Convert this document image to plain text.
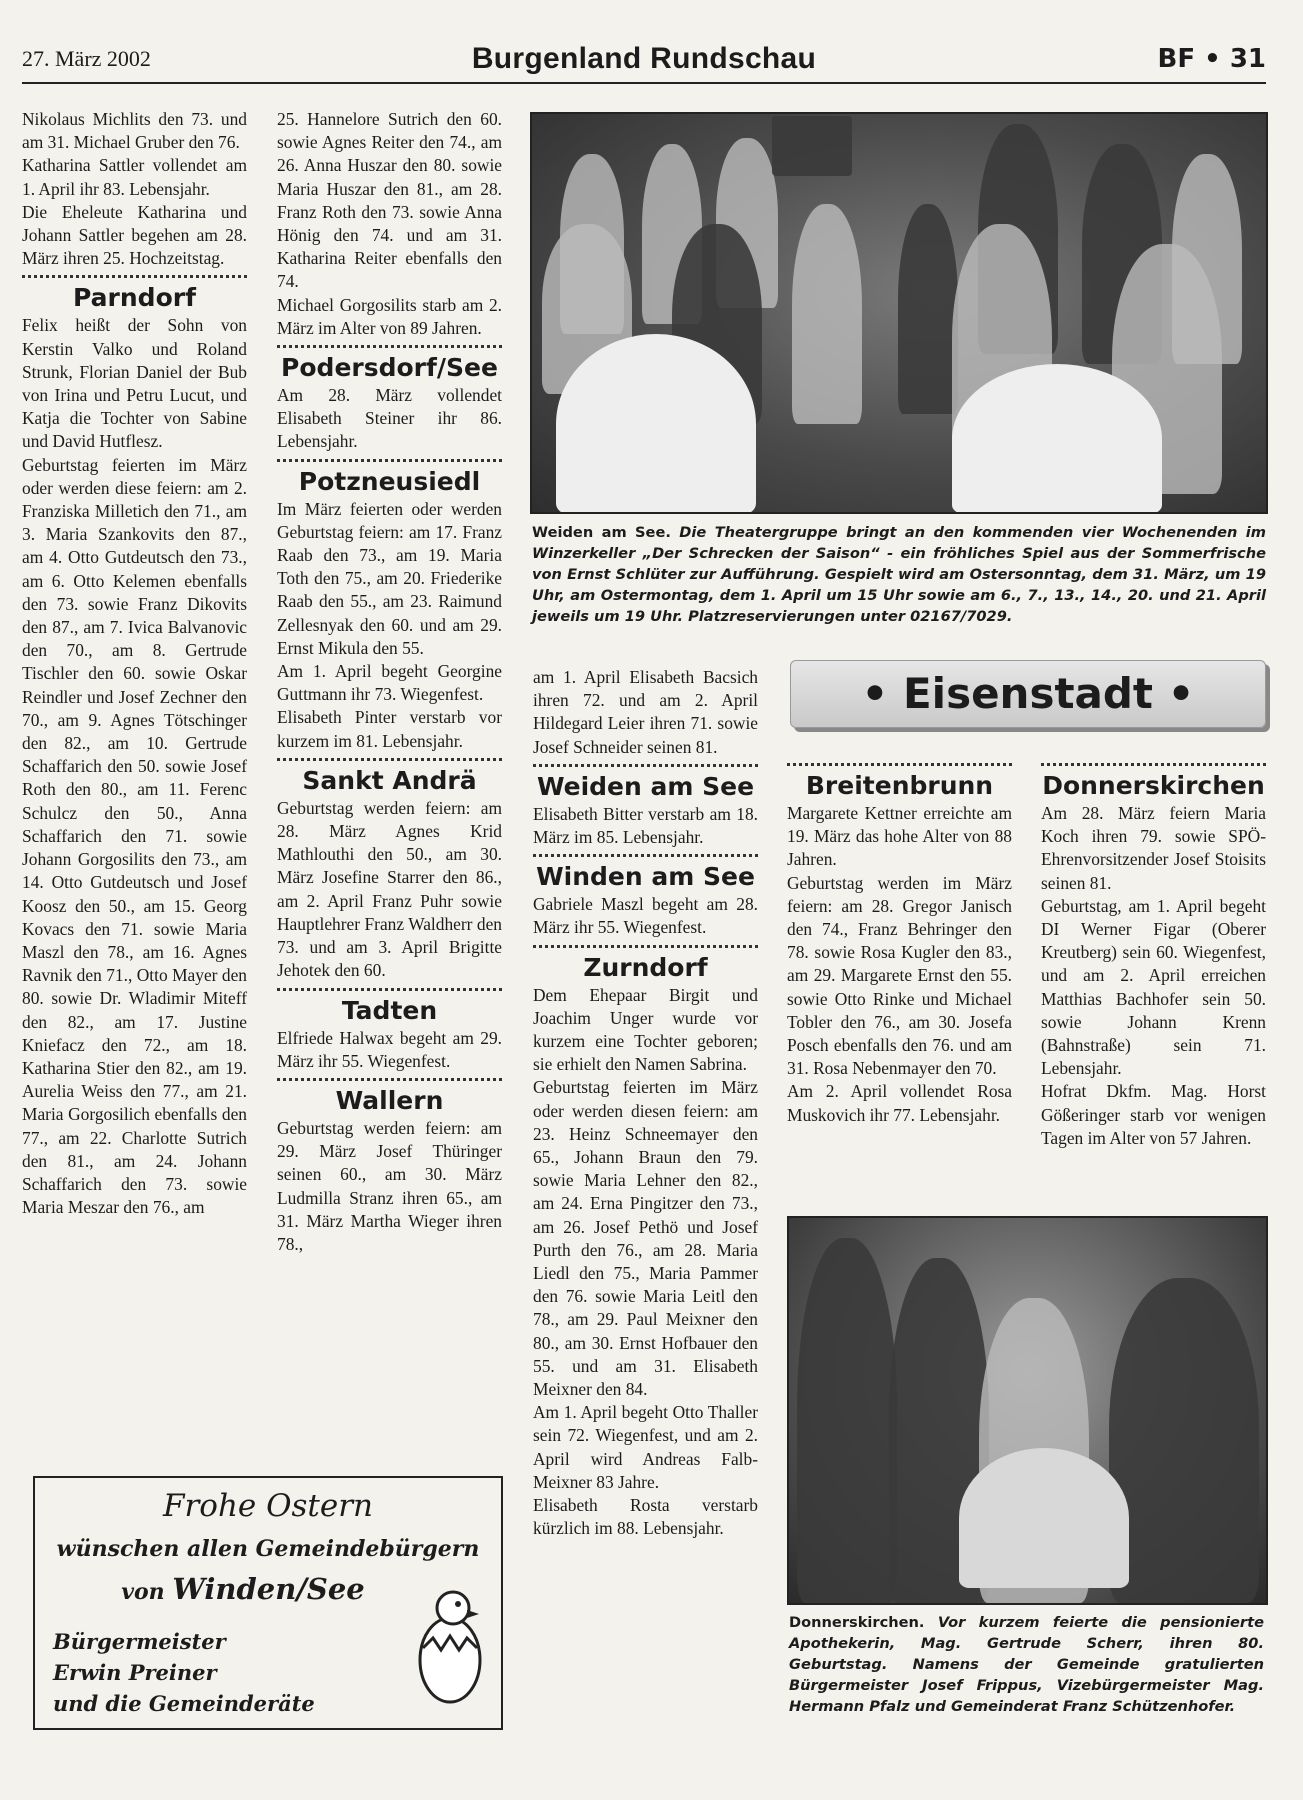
27. März 2002	Burgenland Rundschau	BF • 31

Nikolaus Michlits den 73. und am 31. Michael Gruber den 76.

Katharina Sattler vollendet am 1. April ihr 83. Lebensjahr.

Die Eheleute Katharina und Johann Sattler begehen am 28. März ihren 25. Hochzeitstag.

Parndorf

Felix heißt der Sohn von Kerstin Valko und Roland Strunk, Florian Daniel der Bub von Irina und Petru Lucut, und Katja die Tochter von Sabine und David Hutflesz.

Geburtstag feierten im März oder werden diese feiern: am 2. Franziska Milletich den 71., am 3. Maria Szankovits den 87., am 4. Otto Gutdeutsch den 73., am 6. Otto Kelemen ebenfalls den 73. sowie Franz Dikovits den 87., am 7. Ivica Balvanovic den 70., am 8. Gertrude Tischler den 60. sowie Oskar Reindler und Josef Zechner den 70., am 9. Agnes Tötschinger den 82., am 10. Gertrude Schaffarich den 50. sowie Josef Roth den 80., am 11. Ferenc Schulcz den 50., Anna Schaffarich den 71. sowie Johann Gorgosilits den 73., am 14. Otto Gutdeutsch und Josef Koosz den 50., am 15. Georg Kovacs den 71. sowie Maria Maszl den 78., am 16. Agnes Ravnik den 71., Otto Mayer den 80. sowie Dr. Wladimir Miteff den 82., am 17. Justine Kniefacz den 72., am 18. Katharina Stier den 82., am 19. Aurelia Weiss den 77., am 21. Maria Gorgosilich ebenfalls den 77., am 22. Charlotte Sutrich den 81., am 24. Johann Schaffarich den 73. sowie Maria Meszar den 76., am

25. Hannelore Sutrich den 60. sowie Agnes Reiter den 74., am 26. Anna Huszar den 80. sowie Maria Huszar den 81., am 28. Franz Roth den 73. sowie Anna Hönig den 74. und am 31. Katharina Reiter ebenfalls den 74.

Michael Gorgosilits starb am 2. März im Alter von 89 Jahren.

Podersdorf/See

Am 28. März vollendet Elisabeth Steiner ihr 86. Lebensjahr.

Potzneusiedl

Im März feierten oder werden Geburtstag feiern: am 17. Franz Raab den 73., am 19. Maria Toth den 75., am 20. Friederike Raab den 55., am 23. Raimund Zellesnyak den 60. und am 29. Ernst Mikula den 55.

Am 1. April begeht Georgine Guttmann ihr 73. Wiegenfest.

Elisabeth Pinter verstarb vor kurzem im 81. Lebensjahr.

Sankt Andrä

Geburtstag werden feiern: am 28. März Agnes Krid Mathlouthi den 50., am 30. März Josefine Starrer den 86., am 2. April Franz Puhr sowie Hauptlehrer Franz Waldherr den 73. und am 3. April Brigitte Jehotek den 60.

Tadten

Elfriede Halwax begeht am 29. März ihr 55. Wiegenfest.

Wallern

Geburtstag werden feiern: am 29. März Josef Thüringer seinen 60., am 30. März Ludmilla Stranz ihren 65., am 31. März Martha Wieger ihren 78.,

Weiden am See. Die Theatergruppe bringt an den kommenden vier Wochenenden im Winzerkeller „Der Schrecken der Saison“ - ein fröhliches Spiel aus der Sommerfrische von Ernst Schlüter zur Aufführung. Gespielt wird am Ostersonntag, dem 31. März, um 19 Uhr, am Ostermontag, dem 1. April um 15 Uhr sowie am 6., 7., 13., 14., 20. und 21. April jeweils um 19 Uhr. Platzreservierungen unter 02167/7029.

am 1. April Elisabeth Bacsich ihren 72. und am 2. April Hildegard Leier ihren 71. sowie Josef Schneider seinen 81.

Weiden am See

Elisabeth Bitter verstarb am 18. März im 85. Lebensjahr.

Winden am See

Gabriele Maszl begeht am 28. März ihr 55. Wiegenfest.

Zurndorf

Dem Ehepaar Birgit und Joachim Unger wurde vor kurzem eine Tochter geboren; sie erhielt den Namen Sabrina.

Geburtstag feierten im März oder werden diesen feiern: am 23. Heinz Schneemayer den 65., Johann Braun den 79. sowie Maria Lehner den 82., am 24. Erna Pingitzer den 73., am 26. Josef Pethö und Josef Purth den 76., am 28. Maria Liedl den 75., Maria Pammer den 76. sowie Maria Leitl den 78., am 29. Paul Meixner den 80., am 30. Ernst Hofbauer den 55. und am 31. Elisabeth Meixner den 84.

Am 1. April begeht Otto Thaller sein 72. Wiegenfest, und am 2. April wird Andreas Falb-Meixner 83 Jahre.

Elisabeth Rosta verstarb kürzlich im 88. Lebensjahr.

• Eisenstadt •
Breitenbrunn

Margarete Kettner erreichte am 19. März das hohe Alter von 88 Jahren.

Geburtstag werden im März feiern: am 28. Gregor Janisch den 74., Franz Behringer den 78. sowie Rosa Kugler den 83., am 29. Margarete Ernst den 55. sowie Otto Rinke und Michael Tobler den 76., am 30. Josefa Posch ebenfalls den 76. und am 31. Rosa Nebenmayer den 70.

Am 2. April vollendet Rosa Muskovich ihr 77. Lebensjahr.

Donnerskirchen

Am 28. März feiern Maria Koch ihren 79. sowie SPÖ-Ehrenvorsitzender Josef Stoisits seinen 81.

Geburtstag, am 1. April begeht DI Werner Figar (Oberer Kreutberg) sein 60. Wiegenfest, und am 2. April erreichen Matthias Bachhofer sein 50. sowie Johann Krenn (Bahnstraße) sein 71. Lebensjahr.

Hofrat Dkfm. Mag. Horst Gößeringer starb vor wenigen Tagen im Alter von 57 Jahren.

Donnerskirchen. Vor kurzem feierte die pensionierte Apothekerin, Mag. Gertrude Scherr, ihren 80. Geburtstag. Namens der Gemeinde gratulierten Bürgermeister Josef Frippus, Vizebürgermeister Mag. Hermann Pfalz und Gemeinderat Franz Schützenhofer.
Frohe Ostern
wünschen allen Gemeindebürgern
von Winden/See
Bürgermeister
Erwin Preiner
und die Gemeinderäte
